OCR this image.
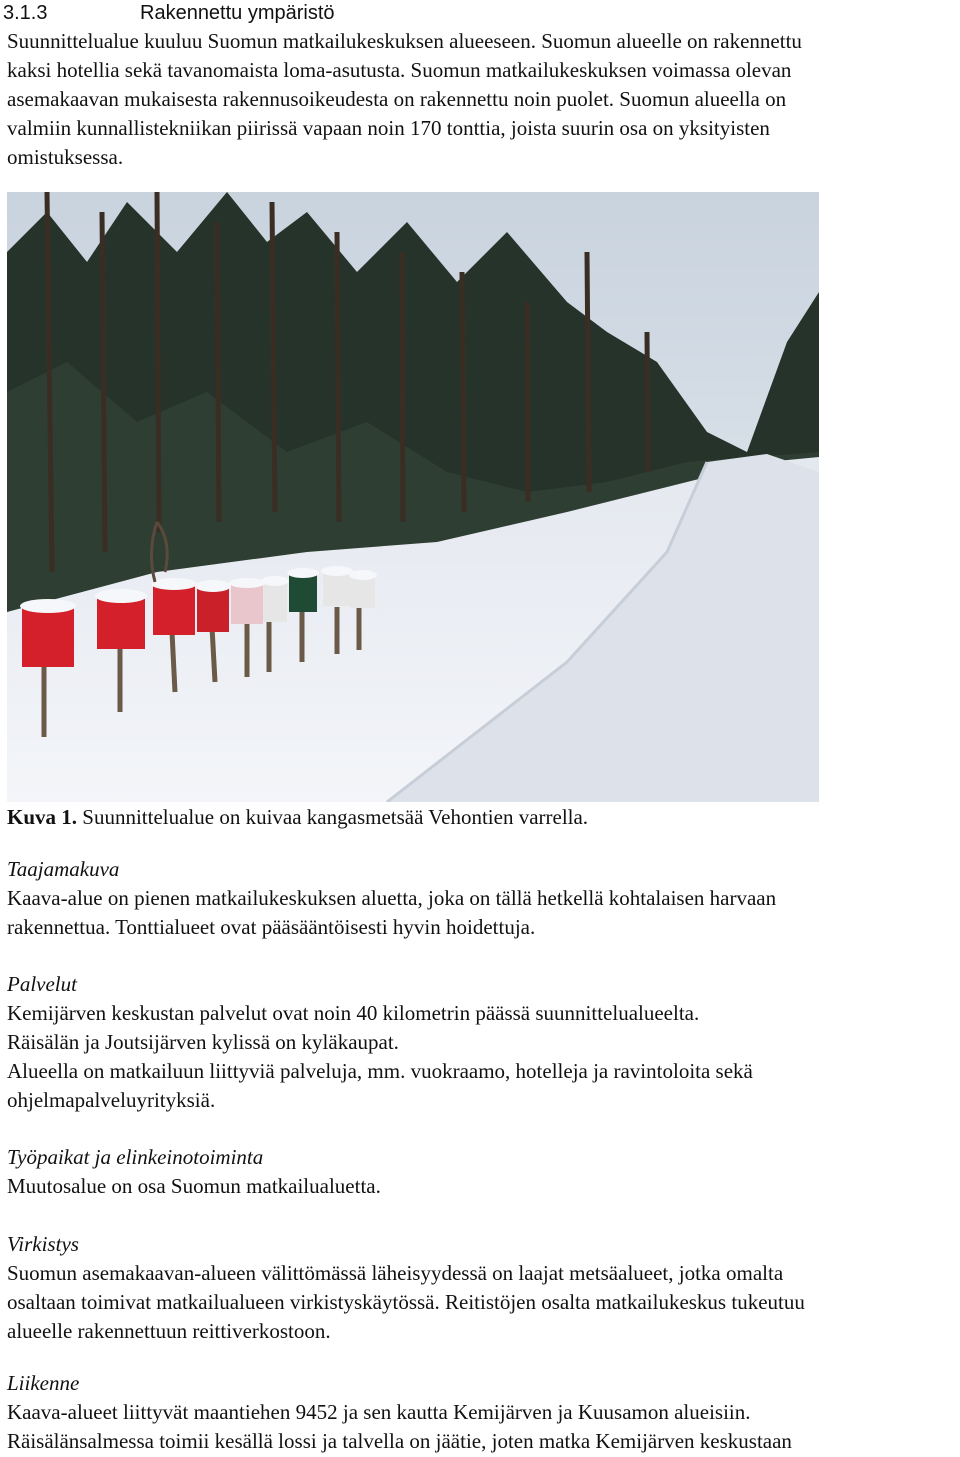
3.1.3	Rakennettu ympäristö
Suunnittelualue kuuluu Suomun matkailukeskuksen alueeseen. Suomun alueelle on rakennettu
kaksi hotellia sekä tavanomaista loma-asutusta. Suomun matkailukeskuksen voimassa olevan
asemakaavan mukaisesta rakennusoikeudesta on rakennettu noin puolet. Suomun alueella on
valmiin kunnallistekniikan piirissä vapaan noin 170 tonttia, joista suurin osa on yksityisten
omistuksessa.
Kuva 1. Suunnittelualue on kuivaa kangasmetsää Vehontien varrella.
Taajamakuva
Kaava-alue on pienen matkailukeskuksen aluetta, joka on tällä hetkellä kohtalaisen harvaan
rakennettua. Tonttialueet ovat pääsääntöisesti hyvin hoidettuja.
Palvelut
Kemijärven keskustan palvelut ovat noin 40 kilometrin päässä suunnittelualueelta.
Räisälän ja Joutsijärven kylissä on kyläkaupat.
Alueella on matkailuun liittyviä palveluja, mm. vuokraamo, hotelleja ja ravintoloita sekä
ohjelmapalveluyrityksiä.
Työpaikat ja elinkeinotoiminta
Muutosalue on osa Suomun matkailualuetta.
Virkistys
Suomun asemakaavan-alueen välittömässä läheisyydessä on laajat metsäalueet, jotka omalta
osaltaan toimivat matkailualueen virkistyskäytössä. Reitistöjen osalta matkailukeskus tukeutuu
alueelle rakennettuun reittiverkostoon.
Liikenne
Kaava-alueet liittyvät maantiehen 9452 ja sen kautta Kemijärven ja Kuusamon alueisiin.
Räisälänsalmessa toimii kesällä lossi ja talvella on jäätie, joten matka Kemijärven keskustaan
